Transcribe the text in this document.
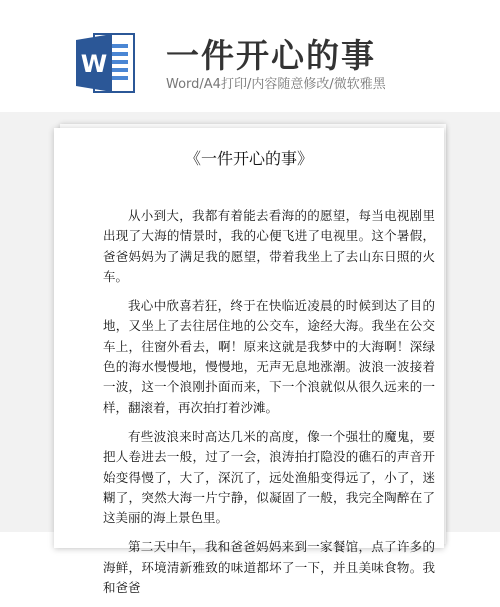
W 一件开心的事
Word/A4打印/内容随意修改/微软雅黑
《一件开心的事》

从小到大，我都有着能去看海的的愿望，每当电视剧里出现了大海的情景时，我的心便飞进了电视里。这个暑假，爸爸妈妈为了满足我的愿望，带着我坐上了去山东日照的火车。

我心中欣喜若狂，终于在快临近凌晨的时候到达了目的地，又坐上了去往居住地的公交车，途经大海。我坐在公交车上，往窗外看去，啊！原来这就是我梦中的大海啊！深绿色的海水慢慢地，慢慢地，无声无息地涨潮。波浪一波接着一波，这一个浪刚扑面而来，下一个浪就似从很久远来的一样，翻滚着，再次拍打着沙滩。

有些波浪来时高达几米的高度，像一个强壮的魔鬼，要把人卷进去一般，过了一会，浪涛拍打隐没的礁石的声音开始变得慢了，大了，深沉了，远处渔船变得远了，小了，迷糊了，突然大海一片宁静，似凝固了一般，我完全陶醉在了这美丽的海上景色里。

第二天中午，我和爸爸妈妈来到一家餐馆，点了许多的海鲜，环境清新雅致的味道都坏了一下，并且美味食物。我和爸爸
